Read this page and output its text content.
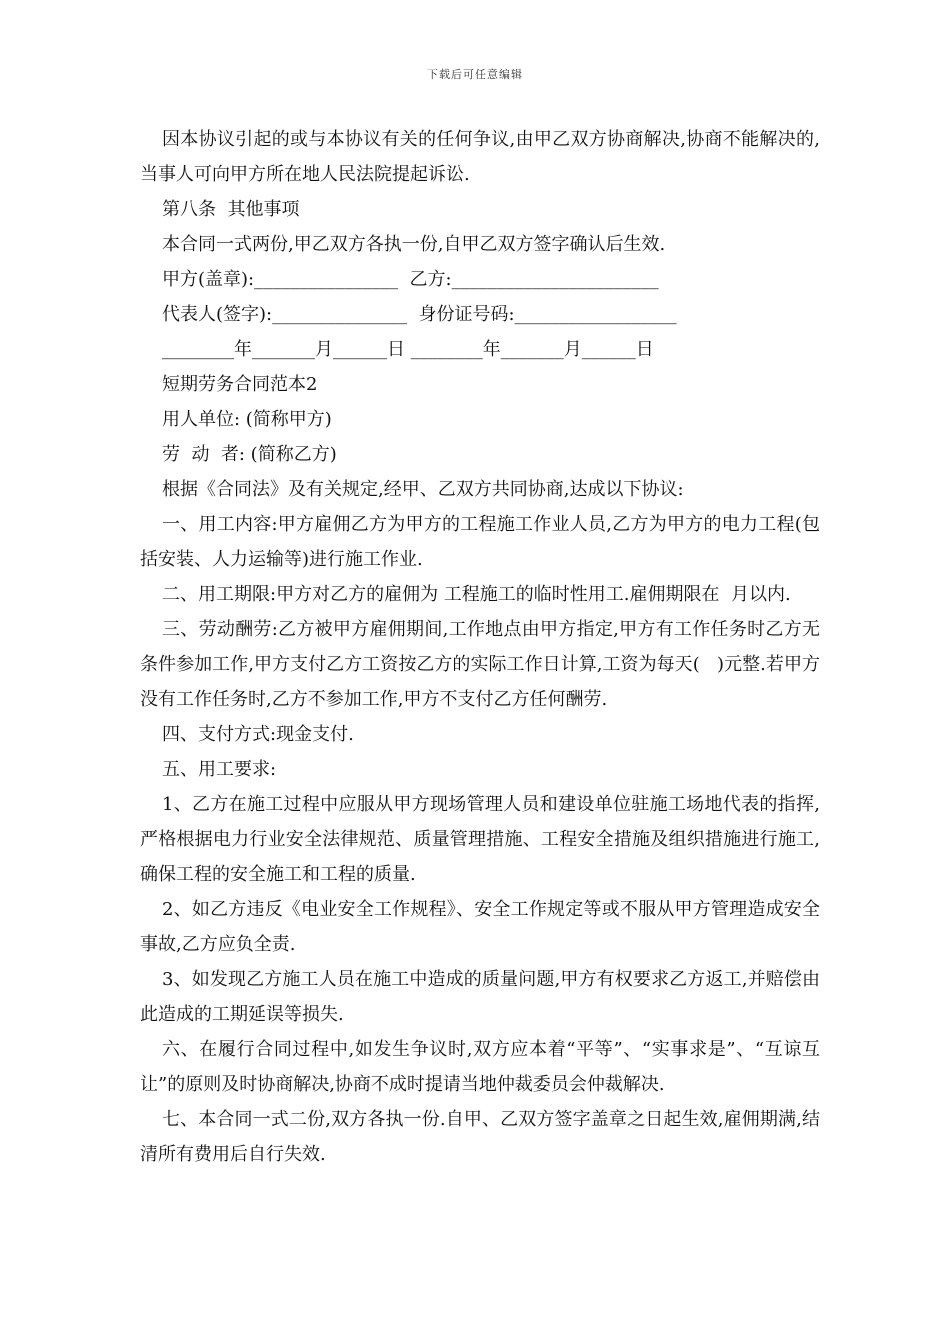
下载后可任意编辑

因本协议引起的或与本协议有关的任何争议,由甲乙双方协商解决,协商不能解决的,当事人可向甲方所在地人民法院提起诉讼.

第八条  其他事项

本合同一式两份,甲乙双方各执一份,自甲乙双方签字确认后生效.

甲方(盖章):________________  乙方:_______________________

代表人(签字):_______________  身份证号码:__________________

________年_______月______日 ________年_______月______日

短期劳务合同范本2

用人单位: (简称甲方)

劳  动  者: (简称乙方)

根据《合同法》及有关规定,经甲、乙双方共同协商,达成以下协议:

一、用工内容:甲方雇佣乙方为甲方的工程施工作业人员,乙方为甲方的电力工程(包括安装、人力运输等)进行施工作业.

二、用工期限:甲方对乙方的雇佣为 工程施工的临时性用工.雇佣期限在  月以内.

三、劳动酬劳:乙方被甲方雇佣期间,工作地点由甲方指定,甲方有工作任务时乙方无条件参加工作,甲方支付乙方工资按乙方的实际工作日计算,工资为每天(   )元整.若甲方没有工作任务时,乙方不参加工作,甲方不支付乙方任何酬劳.

四、支付方式:现金支付.

五、用工要求:

1、乙方在施工过程中应服从甲方现场管理人员和建设单位驻施工场地代表的指挥,严格根据电力行业安全法律规范、质量管理措施、工程安全措施及组织措施进行施工,确保工程的安全施工和工程的质量.

2、如乙方违反《电业安全工作规程》、安全工作规定等或不服从甲方管理造成安全事故,乙方应负全责.

3、如发现乙方施工人员在施工中造成的质量问题,甲方有权要求乙方返工,并赔偿由此造成的工期延误等损失.

六、在履行合同过程中,如发生争议时,双方应本着“平等”、“实事求是”、“互谅互让”的原则及时协商解决,协商不成时提请当地仲裁委员会仲裁解决.

七、本合同一式二份,双方各执一份.自甲、乙双方签字盖章之日起生效,雇佣期满,结清所有费用后自行失效.
